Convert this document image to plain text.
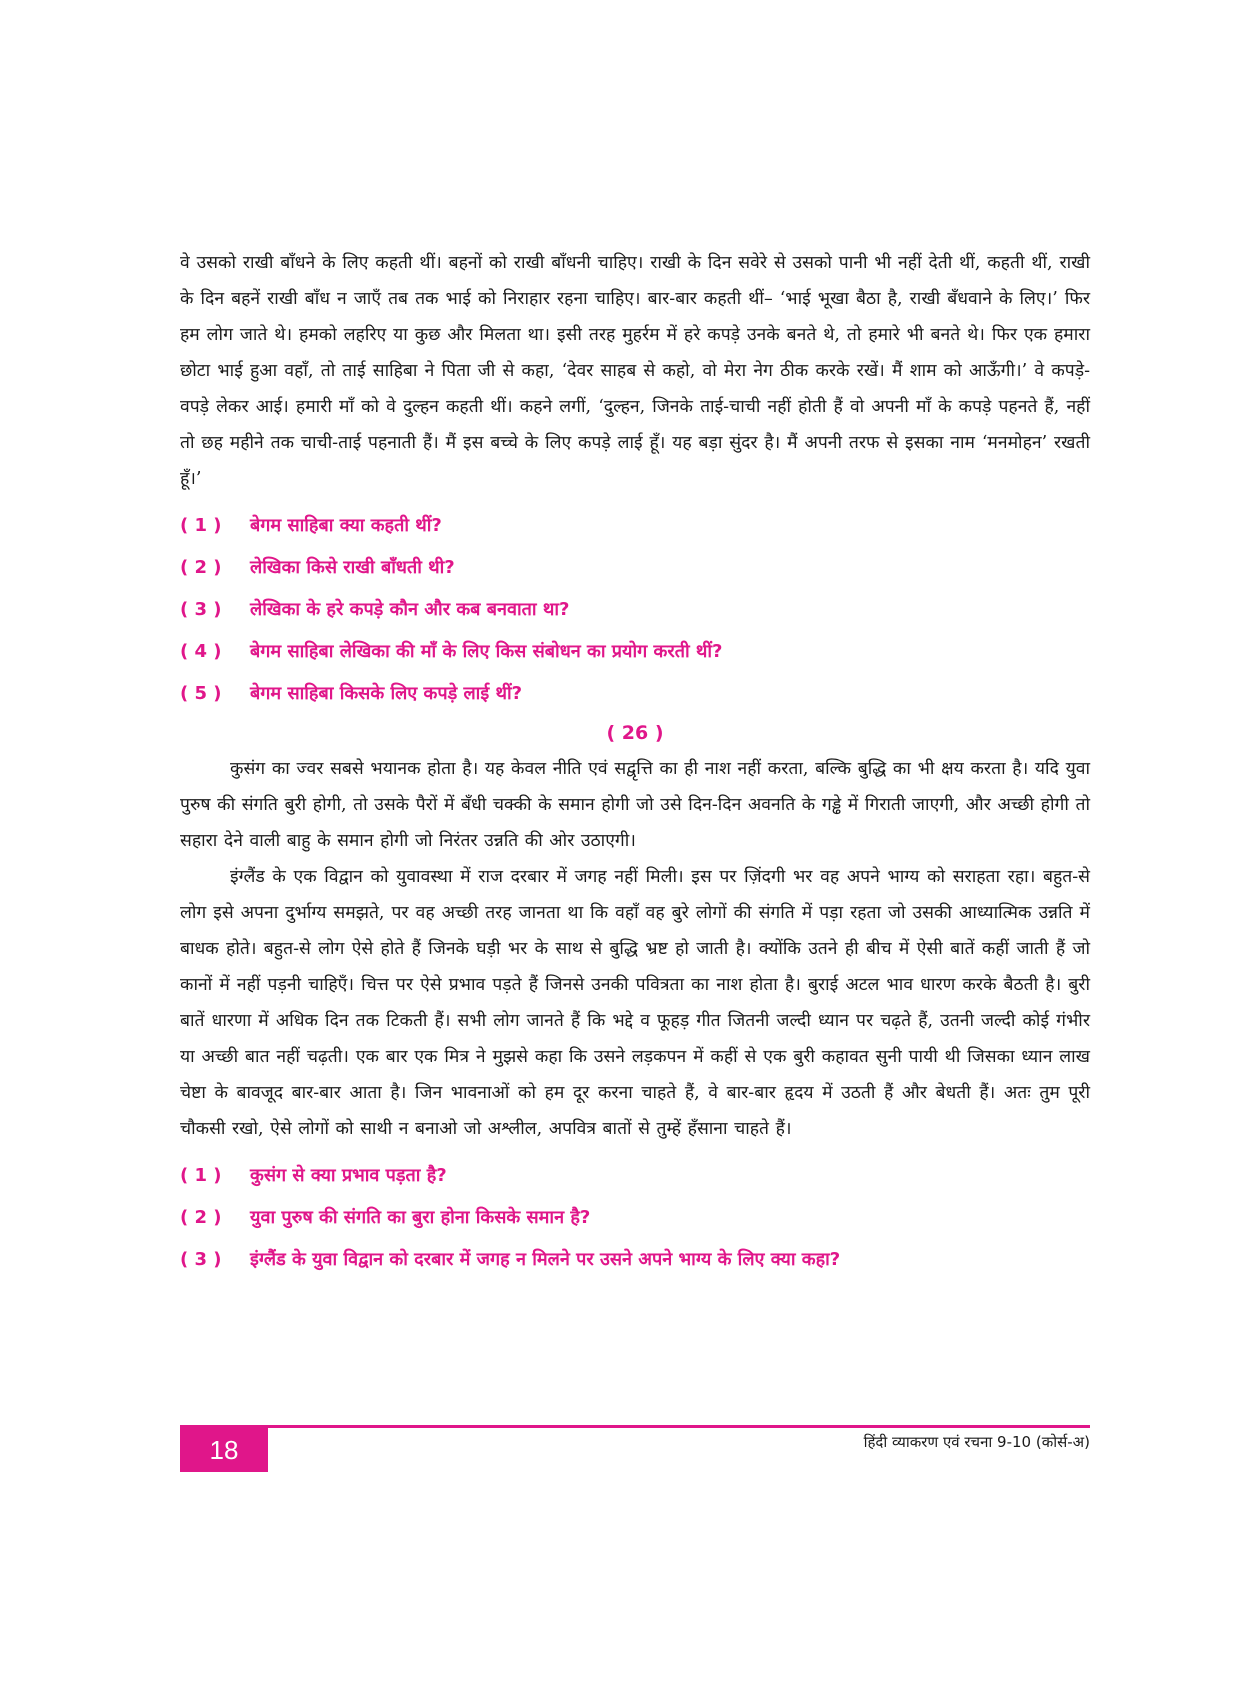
वे उसको राखी बाँधने के लिए कहती थीं। बहनों को राखी बाँधनी चाहिए। राखी के दिन सवेरे से उसको पानी भी नहीं देती थीं, कहती थीं, राखी के दिन बहनें राखी बाँध न जाएँ तब तक भाई को निराहार रहना चाहिए। बार-बार कहती थीं– ‘भाई भूखा बैठा है, राखी बँधवाने के लिए।’ फिर हम लोग जाते थे। हमको लहरिए या कुछ और मिलता था। इसी तरह मुहर्रम में हरे कपड़े उनके बनते थे, तो हमारे भी बनते थे। फिर एक हमारा छोटा भाई हुआ वहाँ, तो ताई साहिबा ने पिता जी से कहा, ‘देवर साहब से कहो, वो मेरा नेग ठीक करके रखें। मैं शाम को आऊँगी।’ वे कपड़े-वपड़े लेकर आई। हमारी माँ को वे दुल्हन कहती थीं। कहने लगीं, ‘दुल्हन, जिनके ताई-चाची नहीं होती हैं वो अपनी माँ के कपड़े पहनते हैं, नहीं तो छह महीने तक चाची-ताई पहनाती हैं। मैं इस बच्चे के लिए कपड़े लाई हूँ। यह बड़ा सुंदर है। मैं अपनी तरफ से इसका नाम ‘मनमोहन’ रखती हूँ।’

( 1 )	बेगम साहिबा क्या कहती थीं?
( 2 )	लेखिका किसे राखी बाँधती थी?
( 3 )	लेखिका के हरे कपड़े कौन और कब बनवाता था?
( 4 )	बेगम साहिबा लेखिका की माँ के लिए किस संबोधन का प्रयोग करती थीं?
( 5 )	बेगम साहिबा किसके लिए कपड़े लाई थीं?
( 26 )

कुसंग का ज्वर सबसे भयानक होता है। यह केवल नीति एवं सद्वृत्ति का ही नाश नहीं करता, बल्कि बुद्धि का भी क्षय करता है। यदि युवा पुरुष की संगति बुरी होगी, तो उसके पैरों में बँधी चक्की के समान होगी जो उसे दिन-दिन अवनति के गड्ढे में गिराती जाएगी, और अच्छी होगी तो सहारा देने वाली बाहु के समान होगी जो निरंतर उन्नति की ओर उठाएगी।

इंग्लैंड के एक विद्वान को युवावस्था में राज दरबार में जगह नहीं मिली। इस पर ज़िंदगी भर वह अपने भाग्य को सराहता रहा। बहुत-से लोग इसे अपना दुर्भाग्य समझते, पर वह अच्छी तरह जानता था कि वहाँ वह बुरे लोगों की संगति में पड़ा रहता जो उसकी आध्यात्मिक उन्नति में बाधक होते। बहुत-से लोग ऐसे होते हैं जिनके घड़ी भर के साथ से बुद्धि भ्रष्ट हो जाती है। क्योंकि उतने ही बीच में ऐसी बातें कहीं जाती हैं जो कानों में नहीं पड़नी चाहिएँ। चित्त पर ऐसे प्रभाव पड़ते हैं जिनसे उनकी पवित्रता का नाश होता है। बुराई अटल भाव धारण करके बैठती है। बुरी बातें धारणा में अधिक दिन तक टिकती हैं। सभी लोग जानते हैं कि भद्दे व फूहड़ गीत जितनी जल्दी ध्यान पर चढ़ते हैं, उतनी जल्दी कोई गंभीर या अच्छी बात नहीं चढ़ती। एक बार एक मित्र ने मुझसे कहा कि उसने लड़कपन में कहीं से एक बुरी कहावत सुनी पायी थी जिसका ध्यान लाख चेष्टा के बावजूद बार-बार आता है। जिन भावनाओं को हम दूर करना चाहते हैं, वे बार-बार हृदय में उठती हैं और बेधती हैं। अतः तुम पूरी चौकसी रखो, ऐसे लोगों को साथी न बनाओ जो अश्लील, अपवित्र बातों से तुम्हें हँसाना चाहते हैं।

( 1 )	कुसंग से क्या प्रभाव पड़ता है?
( 2 )	युवा पुरुष की संगति का बुरा होना किसके समान है?
( 3 )	इंग्लैंड के युवा विद्वान को दरबार में जगह न मिलने पर उसने अपने भाग्य के लिए क्या कहा?
18	हिंदी व्याकरण एवं रचना 9-10 (कोर्स-अ)
